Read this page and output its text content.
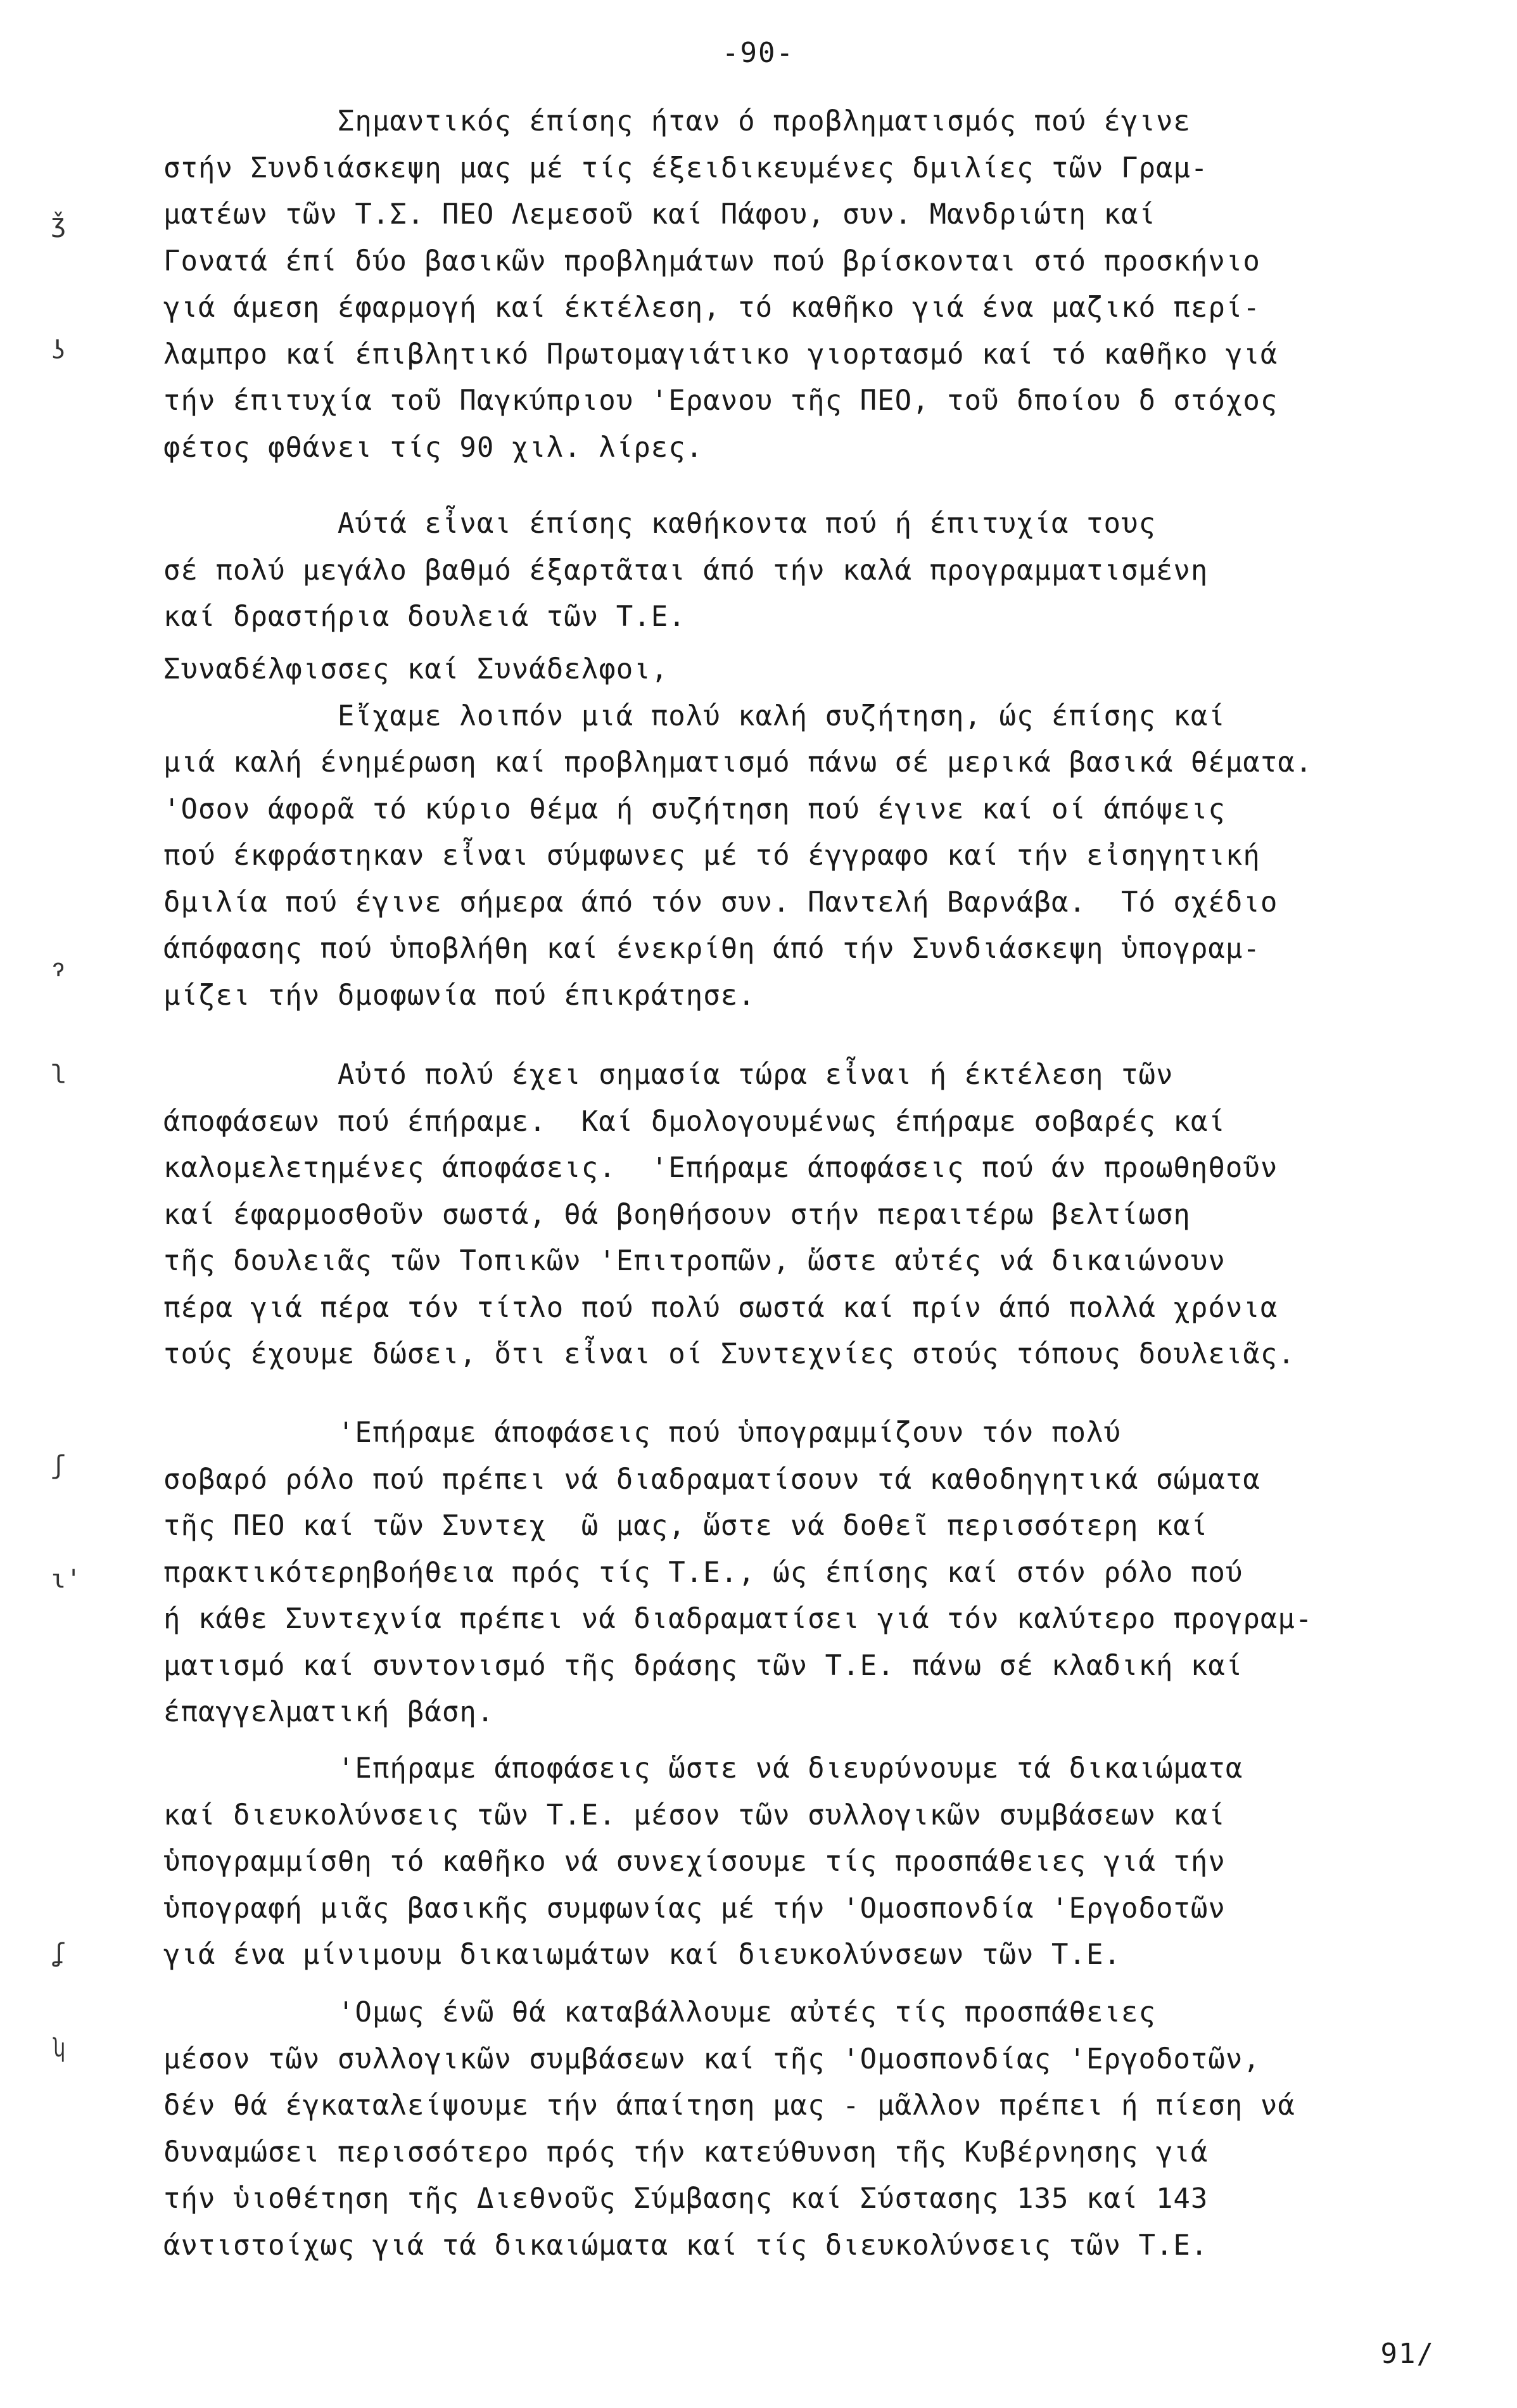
-90-
Σημαντικός έπίσης ήταν ό προβληματισμός πού έγινε
στήν Συνδιάσκεψη μας μέ τίς έξειδικευμένες δμιλίες τῶν Γραμ-
ματέων τῶν Τ.Σ. ΠΕΟ Λεμεσοῦ καί Πάφου, συν. Μανδριώτη καί
Γονατά έπί δύο βασικῶν προβλημάτων πού βρίσκονται στό προσκήνιο
γιά άμεση έφαρμογή καί έκτέλεση, τό καθῆκο γιά ένα μαζικό περί-
λαμπρο καί έπιβλητικό Πρωτομαγιάτικο γιορτασμό καί τό καθῆκο γιά
τήν έπιτυχία τοῦ Παγκύπριου 'Ερανου τῆς ΠΕΟ, τοῦ δποίου δ στόχος
φέτος φθάνει τίς 90 χιλ. λίρες.
Αύτά εἶναι έπίσης καθήκοντα πού ή έπιτυχία τους
σέ πολύ μεγάλο βαθμό έξαρτᾶται άπό τήν καλά προγραμματισμένη
καί δραστήρια δουλειά τῶν Τ.Ε.
Συναδέλφισσες καί Συνάδελφοι,
Εἴχαμε λοιπόν μιά πολύ καλή συζήτηση, ώς έπίσης καί
μιά καλή ένημέρωση καί προβληματισμό πάνω σέ μερικά βασικά θέματα.
'Οσον άφορᾶ τό κύριο θέμα ή συζήτηση πού έγινε καί οί άπόψεις
πού έκφράστηκαν εἶναι σύμφωνες μέ τό έγγραφο καί τήν εἰσηγητική
δμιλία πού έγινε σήμερα άπό τόν συν. Παντελή Βαρνάβα.  Τό σχέδιο
άπόφασης πού ὑποβλήθη καί ένεκρίθη άπό τήν Συνδιάσκεψη ὑπογραμ-
μίζει τήν δμοφωνία πού έπικράτησε.
Αὐτό πολύ έχει σημασία τώρα εἶναι ή έκτέλεση τῶν
άποφάσεων πού έπήραμε.  Καί δμολογουμένως έπήραμε σοβαρές καί
καλομελετημένες άποφάσεις.  'Επήραμε άποφάσεις πού άν προωθηθοῦν
καί έφαρμοσθοῦν σωστά, θά βοηθήσουν στήν περαιτέρω βελτίωση
τῆς δουλειᾶς τῶν Τοπικῶν 'Επιτροπῶν, ὥστε αὐτές νά δικαιώνουν
πέρα γιά πέρα τόν τίτλο πού πολύ σωστά καί πρίν άπό πολλά χρόνια
τούς έχουμε δώσει, ὅτι εἶναι οί Συντεχνίες στούς τόπους δουλειᾶς.
'Επήραμε άποφάσεις πού ὑπογραμμίζουν τόν πολύ
σοβαρό ρόλο πού πρέπει νά διαδραματίσουν τά καθοδηγητικά σώματα
τῆς ΠΕΟ καί τῶν Συντεχ  ῶ μας, ὥστε νά δοθεῖ περισσότερη καί
πρακτικότερηβοήθεια πρός τίς Τ.Ε., ώς έπίσης καί στόν ρόλο πού
ή κάθε Συντεχνία πρέπει νά διαδραματίσει γιά τόν καλύτερο προγραμ-
ματισμό καί συντονισμό τῆς δράσης τῶν Τ.Ε. πάνω σέ κλαδική καί
έπαγγελματική βάση.
'Επήραμε άποφάσεις ὥστε νά διευρύνουμε τά δικαιώματα
καί διευκολύνσεις τῶν Τ.Ε. μέσον τῶν συλλογικῶν συμβάσεων καί
ὑπογραμμίσθη τό καθῆκο νά συνεχίσουμε τίς προσπάθειες γιά τήν
ὑπογραφή μιᾶς βασικῆς συμφωνίας μέ τήν 'Ομοσπονδία 'Εργοδοτῶν
γιά ένα μίνιμουμ δικαιωμάτων καί διευκολύνσεων τῶν Τ.Ε.
'Ομως ένῶ θά καταβάλλουμε αὐτές τίς προσπάθειες
μέσον τῶν συλλογικῶν συμβάσεων καί τῆς 'Ομοσπονδίας 'Εργοδοτῶν,
δέν θά έγκαταλείψουμε τήν άπαίτηση μας - μᾶλλον πρέπει ή πίεση νά
δυναμώσει περισσότερο πρός τήν κατεύθυνση τῆς Κυβέρνησης γιά
τήν ὑιοθέτηση τῆς Διεθνοῦς Σύμβασης καί Σύστασης 135 καί 143
άντιστοίχως γιά τά δικαιώματα καί τίς διευκολύνσεις τῶν Τ.Ε.
ǯ
ʖ
ɂ
ʅ
ʃ
ɩ'
ʆ
ʮ
91/
